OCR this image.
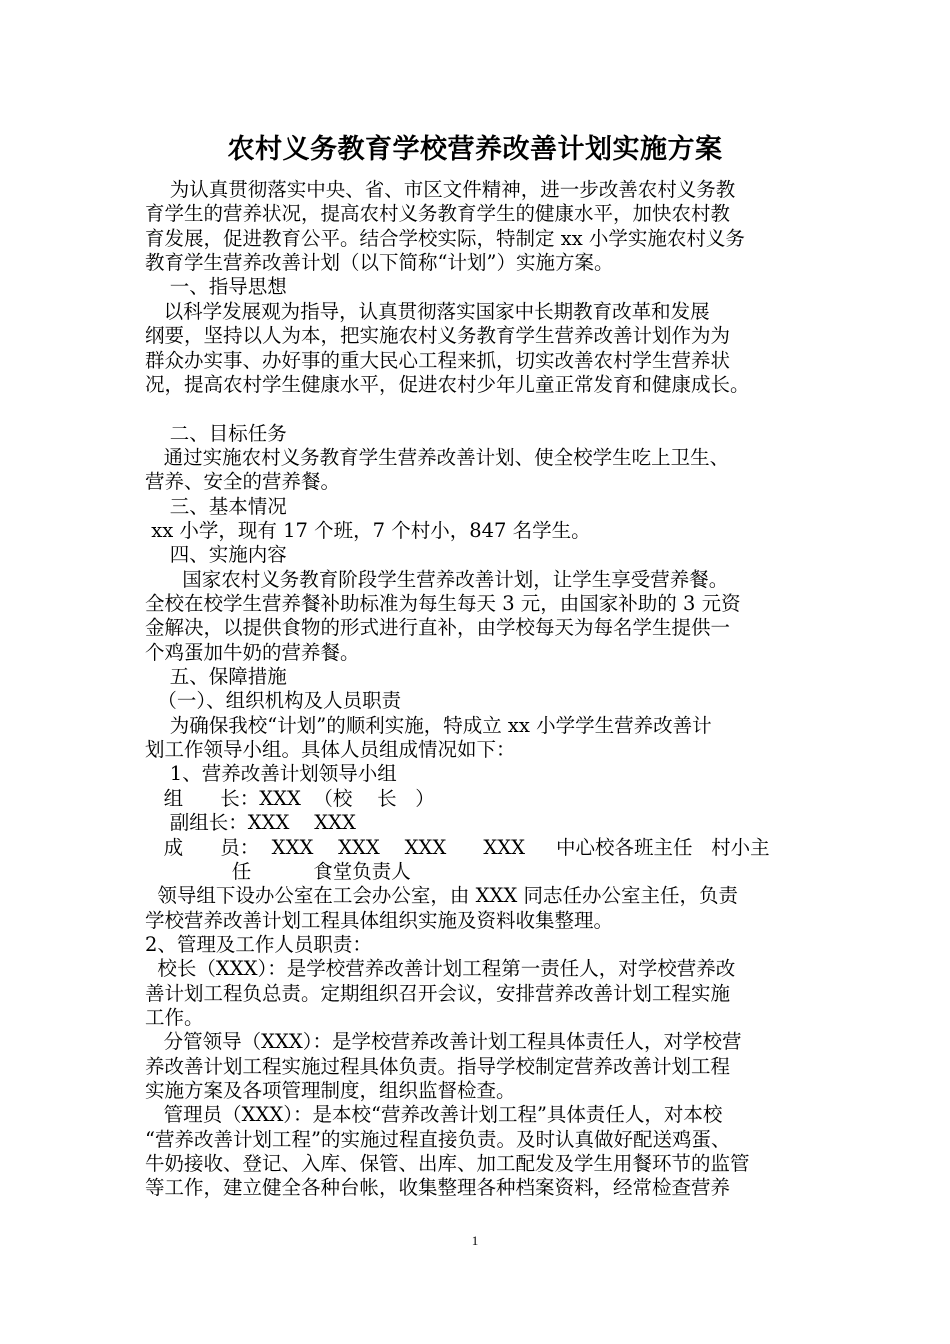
农村义务教育学校营养改善计划实施方案
为认真贯彻落实中央、省、市区文件精神，进一步改善农村义务教
育学生的营养状况，提高农村义务教育学生的健康水平，加快农村教
育发展，促进教育公平。结合学校实际，特制定 xx 小学实施农村义务
教育学生营养改善计划（以下简称“计划”）实施方案。
一、指导思想
以科学发展观为指导，认真贯彻落实国家中长期教育改革和发展
纲要，坚持以人为本，把实施农村义务教育学生营养改善计划作为为
群众办实事、办好事的重大民心工程来抓，切实改善农村学生营养状
况，提高农村学生健康水平，促进农村少年儿童正常发育和健康成长。
二、目标任务
通过实施农村义务教育学生营养改善计划、使全校学生吃上卫生、
营养、安全的营养餐。
三、基本情况
xx 小学，现有 17 个班，7 个村小，847 名学生。
四、实施内容
国家农村义务教育阶段学生营养改善计划，让学生享受营养餐。
全校在校学生营养餐补助标准为每生每天 3 元，由国家补助的 3 元资
金解决，以提供食物的形式进行直补，由学校每天为每名学生提供一
个鸡蛋加牛奶的营养餐。
五、保障措施
（一）、组织机构及人员职责
为确保我校“计划”的顺利实施，特成立 xx 小学学生营养改善计
划工作领导小组。具体人员组成情况如下：
1、营养改善计划领导小组
组      长：XXX  （校    长   ）
副组长：XXX    XXX
成      员：  XXX    XXX    XXX      XXX     中心校各班主任   村小主
任          食堂负责人
领导组下设办公室在工会办公室，由 XXX 同志任办公室主任，负责
学校营养改善计划工程具体组织实施及资料收集整理。
2、管理及工作人员职责：
校长（XXX）：是学校营养改善计划工程第一责任人，对学校营养改
善计划工程负总责。定期组织召开会议，安排营养改善计划工程实施
工作。
分管领导（XXX）：是学校营养改善计划工程具体责任人，对学校营
养改善计划工程实施过程具体负责。指导学校制定营养改善计划工程
实施方案及各项管理制度，组织监督检查。
管理员（XXX）：是本校“营养改善计划工程”具体责任人，对本校
“营养改善计划工程”的实施过程直接负责。及时认真做好配送鸡蛋、
牛奶接收、登记、入库、保管、出库、加工配发及学生用餐环节的监管
等工作，建立健全各种台帐，收集整理各种档案资料，经常检查营养
1
